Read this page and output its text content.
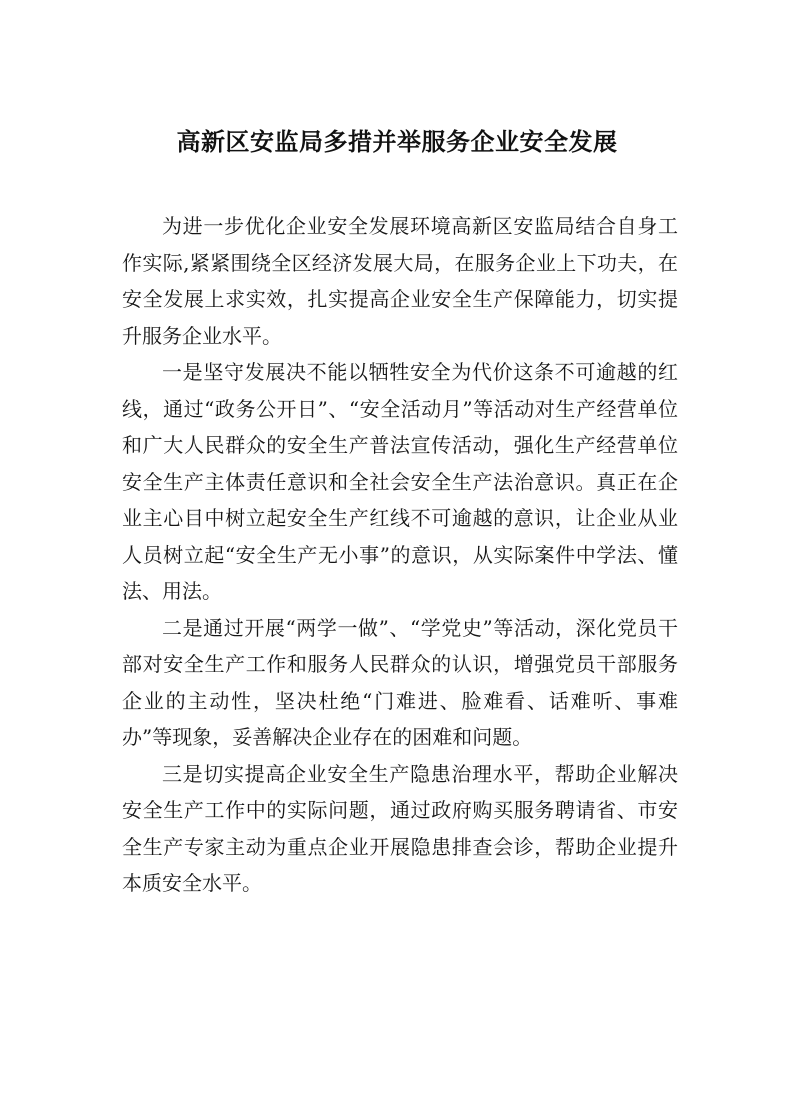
高新区安监局多措并举服务企业安全发展

为进一步优化企业安全发展环境高新区安监局结合自身工作实际,紧紧围绕全区经济发展大局，在服务企业上下功夫，在安全发展上求实效，扎实提高企业安全生产保障能力，切实提升服务企业水平。

一是坚守发展决不能以牺牲安全为代价这条不可逾越的红线，通过“政务公开日”、“安全活动月”等活动对生产经营单位和广大人民群众的安全生产普法宣传活动，强化生产经营单位安全生产主体责任意识和全社会安全生产法治意识。真正在企业主心目中树立起安全生产红线不可逾越的意识，让企业从业人员树立起“安全生产无小事”的意识，从实际案件中学法、懂法、用法。

二是通过开展“两学一做”、“学党史”等活动，深化党员干部对安全生产工作和服务人民群众的认识，增强党员干部服务企业的主动性，坚决杜绝“门难进、脸难看、话难听、事难办”等现象，妥善解决企业存在的困难和问题。

三是切实提高企业安全生产隐患治理水平，帮助企业解决安全生产工作中的实际问题，通过政府购买服务聘请省、市安全生产专家主动为重点企业开展隐患排查会诊，帮助企业提升本质安全水平。
